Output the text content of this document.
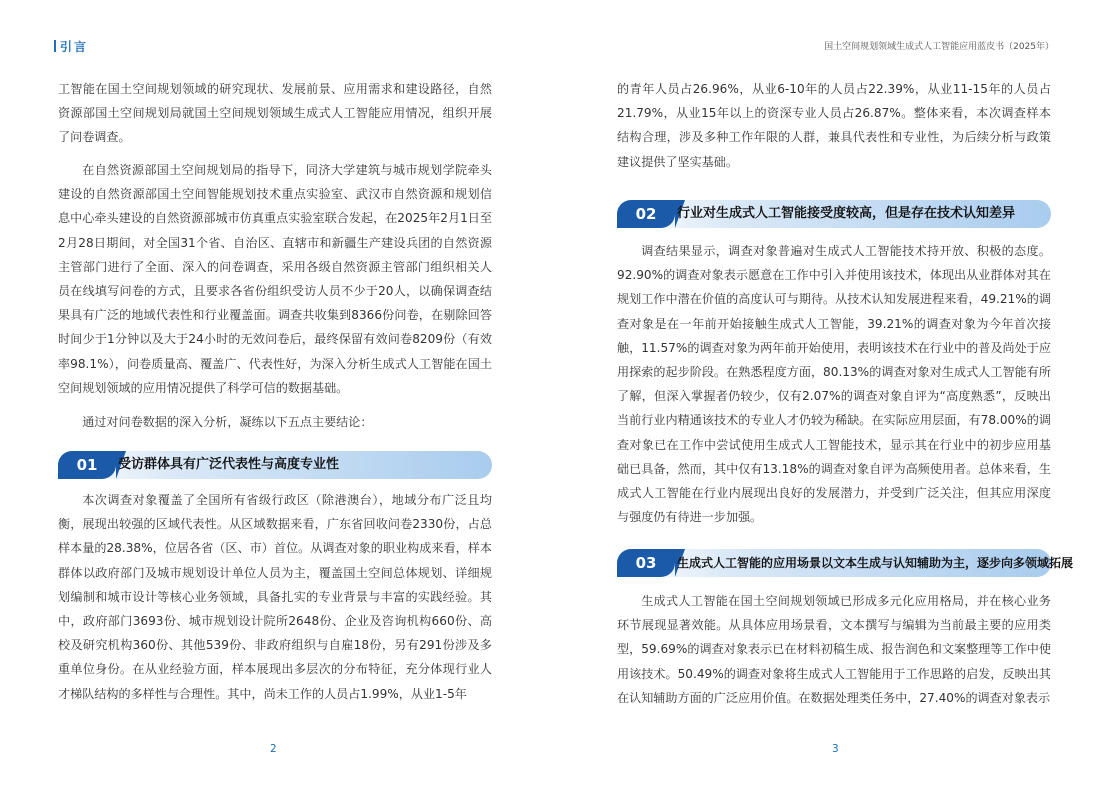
引言

工智能在国土空间规划领域的研究现状、发展前景、应用需求和建设路径，自然资源部国土空间规划局就国土空间规划领域生成式人工智能应用情况，组织开展了问卷调查。

在自然资源部国土空间规划局的指导下，同济大学建筑与城市规划学院牵头建设的自然资源部国土空间智能规划技术重点实验室、武汉市自然资源和规划信息中心牵头建设的自然资源部城市仿真重点实验室联合发起，在2025年2月1日至2月28日期间，对全国31个省、自治区、直辖市和新疆生产建设兵团的自然资源主管部门进行了全面、深入的问卷调查，采用各级自然资源主管部门组织相关人员在线填写问卷的方式，且要求各省份组织受访人员不少于20人，以确保调查结果具有广泛的地域代表性和行业覆盖面。调查共收集到8366份问卷，在剔除回答时间少于1分钟以及大于24小时的无效问卷后，最终保留有效问卷8209份（有效率98.1%），问卷质量高、覆盖广、代表性好，为深入分析生成式人工智能在国土空间规划领域的应用情况提供了科学可信的数据基础。

通过对问卷数据的深入分析，凝练以下五点主要结论：

01	受访群体具有广泛代表性与高度专业性

本次调查对象覆盖了全国所有省级行政区（除港澳台），地域分布广泛且均衡，展现出较强的区域代表性。从区域数据来看，广东省回收问卷2330份，占总样本量的28.38%，位居各省（区、市）首位。从调查对象的职业构成来看，样本群体以政府部门及城市规划设计单位人员为主，覆盖国土空间总体规划、详细规划编制和城市设计等核心业务领域，具备扎实的专业背景与丰富的实践经验。其中，政府部门3693份、城市规划设计院所2648份、企业及咨询机构660份、高校及研究机构360份、其他539份、非政府组织与自雇18份，另有291份涉及多重单位身份。在从业经验方面，样本展现出多层次的分布特征，充分体现行业人才梯队结构的多样性与合理性。其中，尚未工作的人员占1.99%，从业1-5年

2
国土空间规划领域生成式人工智能应用蓝皮书（2025年）

的青年人员占26.96%，从业6-10年的人员占22.39%，从业11-15年的人员占21.79%，从业15年以上的资深专业人员占26.87%。整体来看，本次调查样本结构合理，涉及多种工作年限的人群，兼具代表性和专业性，为后续分析与政策建议提供了坚实基础。

02	行业对生成式人工智能接受度较高，但是存在技术认知差异

调查结果显示，调查对象普遍对生成式人工智能技术持开放、积极的态度。92.90%的调查对象表示愿意在工作中引入并使用该技术，体现出从业群体对其在规划工作中潜在价值的高度认可与期待。从技术认知发展进程来看，49.21%的调查对象是在一年前开始接触生成式人工智能，39.21%的调查对象为今年首次接触，11.57%的调查对象为两年前开始使用，表明该技术在行业中的普及尚处于应用探索的起步阶段。在熟悉程度方面，80.13%的调查对象对生成式人工智能有所了解，但深入掌握者仍较少，仅有2.07%的调查对象自评为“高度熟悉”，反映出当前行业内精通该技术的专业人才仍较为稀缺。在实际应用层面，有78.00%的调查对象已在工作中尝试使用生成式人工智能技术，显示其在行业中的初步应用基础已具备，然而，其中仅有13.18%的调查对象自评为高频使用者。总体来看，生成式人工智能在行业内展现出良好的发展潜力，并受到广泛关注，但其应用深度与强度仍有待进一步加强。

03	生成式人工智能的应用场景以文本生成与认知辅助为主，逐步向多领域拓展

生成式人工智能在国土空间规划领域已形成多元化应用格局，并在核心业务环节展现显著效能。从具体应用场景看，文本撰写与编辑为当前最主要的应用类型，59.69%的调查对象表示已在材料初稿生成、报告润色和文案整理等工作中使用该技术。50.49%的调查对象将生成式人工智能用于工作思路的启发，反映出其在认知辅助方面的广泛应用价值。在数据处理类任务中，27.40%的调查对象表示

3
